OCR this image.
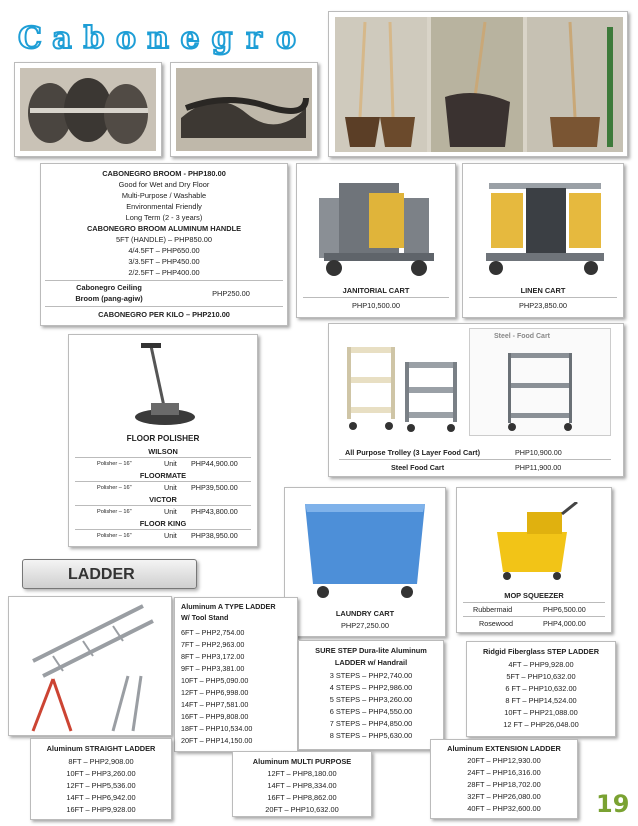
C a b o n e g r o
CABONEGRO BROOM - PHP180.00
Good for Wet and Dry Floor
Multi-Purpose / Washable
Environmental Friendly
Long Term (2 - 3 years)
CABONEGRO BROOM ALUMINUM HANDLE
5FT (HANDLE) – PHP850.00
4/4.5FT – PHP650.00
3/3.5FT – PHP450.00
2/2.5FT – PHP400.00
Cabonegro Ceiling
Broom (pang-agiw)
PHP250.00
CABONEGRO PER KILO – PHP210.00
JANITORIAL CART
PHP10,500.00
LINEN CART
PHP23,850.00
FLOOR POLISHER
WILSON
Polisher – 16"	Unit PHP44,900.00
FLOORMATE
Polisher – 16"	Unit PHP39,500.00
VICTOR
Polisher – 16"	Unit PHP43,800.00
FLOOR KING
Polisher – 16"	Unit PHP38,950.00
Steel - Food Cart
All Purpose Trolley (3 Layer Food Cart)	PHP10,900.00
Steel Food Cart	PHP11,900.00
LAUNDRY CART
PHP27,250.00
MOP SQUEEZER
Rubbermaid	PHP6,500.00
Rosewood	PHP4,000.00
LADDER
Aluminum A TYPE LADDER
W/ Tool Stand
6FT – PHP2,754.00
7FT – PHP2,963.00
8FT – PHP3,172.00
9FT – PHP3,381.00
10FT – PHP5,090.00
12FT – PHP6,998.00
14FT – PHP7,581.00
16FT – PHP9,808.00
18FT – PHP10,534.00
20FT – PHP14,150.00
SURE STEP Dura-lite Aluminum
LADDER w/ Handrail
3 STEPS – PHP2,740.00
4 STEPS – PHP2,986.00
5 STEPS – PHP3,260.00
6 STEPS – PHP4,550.00
7 STEPS – PHP4,850.00
8 STEPS – PHP5,630.00
Ridgid Fiberglass STEP LADDER
4FT – PHP9,928.00
5FT – PHP10,632.00
6 FT – PHP10,632.00
8 FT – PHP14,524.00
10FT – PHP21,088.00
12 FT – PHP26,048.00
Aluminum STRAIGHT LADDER
8FT – PHP2,908.00
10FT – PHP3,260.00
12FT – PHP5,536.00
14FT – PHP6,942.00
16FT – PHP9,928.00
Aluminum MULTI PURPOSE
12FT – PHP8,180.00
14FT – PHP8,334.00
16FT – PHP8,862.00
20FT – PHP10,632.00
Aluminum EXTENSION LADDER
20FT – PHP12,930.00
24FT – PHP16,316.00
28FT – PHP18,702.00
32FT – PHP26,080.00
40FT – PHP32,600.00	19
